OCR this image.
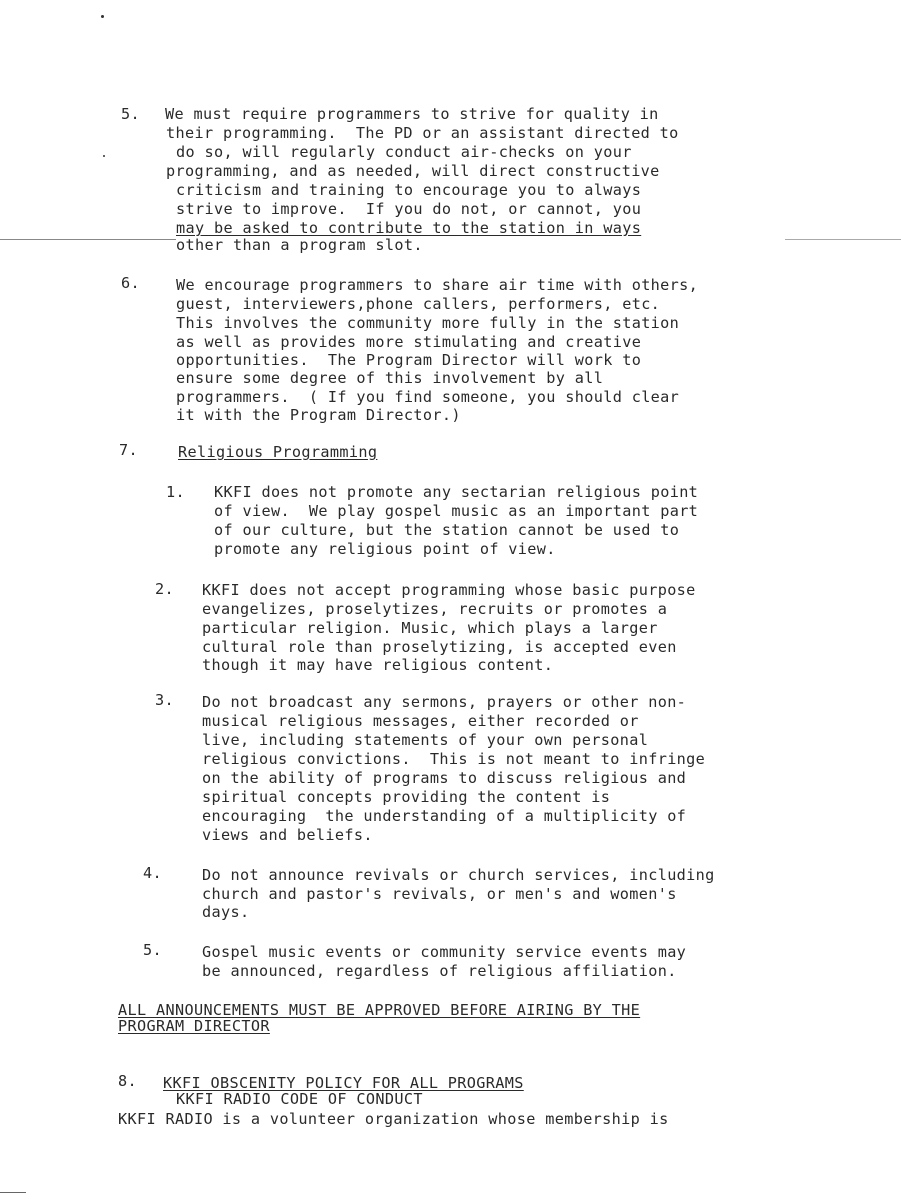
5. We must require programmers to strive for quality in
their programming.  The PD or an assistant directed to
do so, will regularly conduct air-checks on your
programming, and as needed, will direct constructive
criticism and training to encourage you to always
strive to improve.  If you do not, or cannot, you
may be asked to contribute to the station in ways
other than a program slot.
6. We encourage programmers to share air time with others,
guest, interviewers,phone callers, performers, etc.
This involves the community more fully in the station
as well as provides more stimulating and creative
opportunities.  The Program Director will work to
ensure some degree of this involvement by all
programmers.  ( If you find someone, you should clear
it with the Program Director.)
7.	Religious Programming
1. KKFI does not promote any sectarian religious point
of view.  We play gospel music as an important part
of our culture, but the station cannot be used to
promote any religious point of view.
2. KKFI does not accept programming whose basic purpose
evangelizes, proselytizes, recruits or promotes a
particular religion. Music, which plays a larger
cultural role than proselytizing, is accepted even
though it may have religious content.
3. Do not broadcast any sermons, prayers or other non-
musical religious messages, either recorded or
live, including statements of your own personal
religious convictions.  This is not meant to infringe
on the ability of programs to discuss religious and
spiritual concepts providing the content is
encouraging  the understanding of a multiplicity of
views and beliefs.
4.	Do not announce revivals or church services, including
church and pastor's revivals, or men's and women's
days.
5.	Gospel music events or community service events may
be announced, regardless of religious affiliation.
ALL ANNOUNCEMENTS MUST BE APPROVED BEFORE AIRING BY THE
PROGRAM DIRECTOR
8. KKFI OBSCENITY POLICY FOR ALL PROGRAMS
KKFI RADIO CODE OF CONDUCT
KKFI RADIO is a volunteer organization whose membership is
